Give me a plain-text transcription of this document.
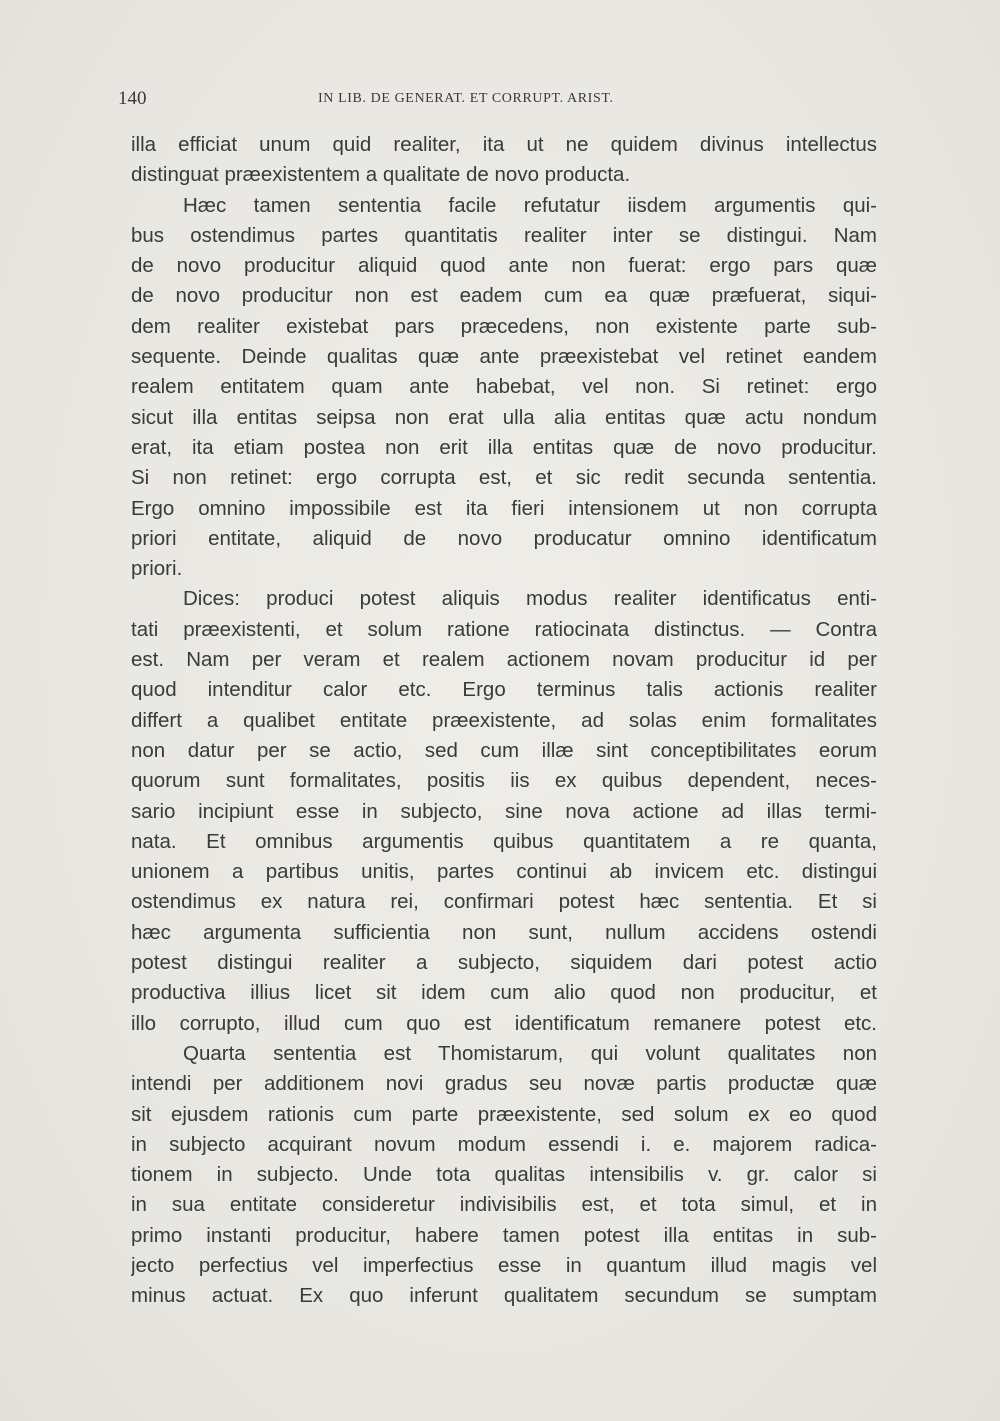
140	IN LIB. DE GENERAT. ET CORRUPT. ARIST.
illa efficiat unum quid realiter, ita ut ne quidem divinus intellectus
distinguat præexistentem a qualitate de novo producta.
Hæc tamen sententia facile refutatur iisdem argumentis qui-
bus ostendimus partes quantitatis realiter inter se distingui. Nam
de novo producitur aliquid quod ante non fuerat: ergo pars quæ
de novo producitur non est eadem cum ea quæ præfuerat, siqui-
dem realiter existebat pars præcedens, non existente parte sub-
sequente. Deinde qualitas quæ ante præexistebat vel retinet eandem
realem entitatem quam ante habebat, vel non. Si retinet: ergo
sicut illa entitas seipsa non erat ulla alia entitas quæ actu nondum
erat, ita etiam postea non erit illa entitas quæ de novo producitur.
Si non retinet: ergo corrupta est, et sic redit secunda sententia.
Ergo omnino impossibile est ita fieri intensionem ut non corrupta
priori entitate, aliquid de novo producatur omnino identificatum
priori.
Dices: produci potest aliquis modus realiter identificatus enti-
tati præexistenti, et solum ratione ratiocinata distinctus. — Contra
est. Nam per veram et realem actionem novam producitur id per
quod intenditur calor etc. Ergo terminus talis actionis realiter
differt a qualibet entitate præexistente, ad solas enim formalitates
non datur per se actio, sed cum illæ sint conceptibilitates eorum
quorum sunt formalitates, positis iis ex quibus dependent, neces-
sario incipiunt esse in subjecto, sine nova actione ad illas termi-
nata. Et omnibus argumentis quibus quantitatem a re quanta,
unionem a partibus unitis, partes continui ab invicem etc. distingui
ostendimus ex natura rei, confirmari potest hæc sententia. Et si
hæc argumenta sufficientia non sunt, nullum accidens ostendi
potest distingui realiter a subjecto, siquidem dari potest actio
productiva illius licet sit idem cum alio quod non producitur, et
illo corrupto, illud cum quo est identificatum remanere potest etc.
Quarta sententia est Thomistarum, qui volunt qualitates non
intendi per additionem novi gradus seu novæ partis productæ quæ
sit ejusdem rationis cum parte præexistente, sed solum ex eo quod
in subjecto acquirant novum modum essendi i. e. majorem radica-
tionem in subjecto. Unde tota qualitas intensibilis v. gr. calor si
in sua entitate consideretur indivisibilis est, et tota simul, et in
primo instanti producitur, habere tamen potest illa entitas in sub-
jecto perfectius vel imperfectius esse in quantum illud magis vel
minus actuat. Ex quo inferunt qualitatem secundum se sumptam
